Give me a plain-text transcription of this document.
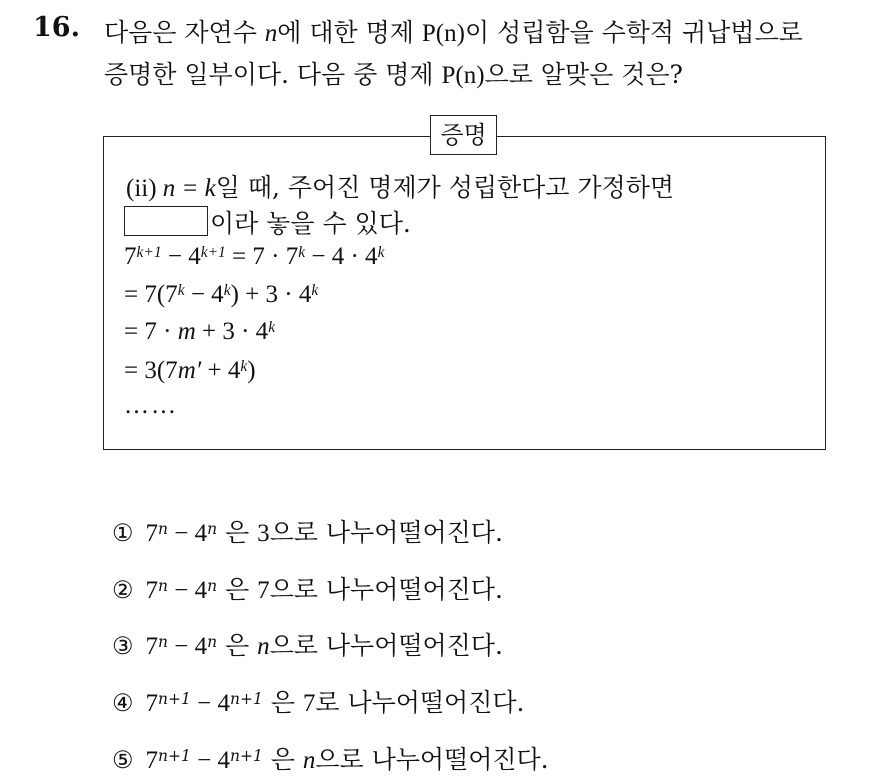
16. 다음은 자연수 n에 대한 명제 P(n)이 성립함을 수학적 귀납법으로
증명한 일부이다. 다음 중 명제 P(n)으로 알맞은 것은?
증명
(ii) n = k일 때, 주어진 명제가 성립한다고 가정하면
이라 놓을 수 있다.
$7^{k+1} - 4^{k+1} = 7 \cdot 7^k - 4 \cdot 4^k$
= $7(7^k - 4^k) + 3 \cdot 4^k$
= $7 \cdot m + 3 \cdot 4^k$
= $3(7m' + 4^k)$
……
① $7^n - 4^n$ 은 3으로 나누어떨어진다.
② $7^n - 4^n$ 은 7으로 나누어떨어진다.
③ $7^n - 4^n$ 은 n으로 나누어떨어진다.
④ $7^{n+1} - 4^{n+1}$ 은 7로 나누어떨어진다.
⑤ $7^{n+1} - 4^{n+1}$ 은 n으로 나누어떨어진다.
